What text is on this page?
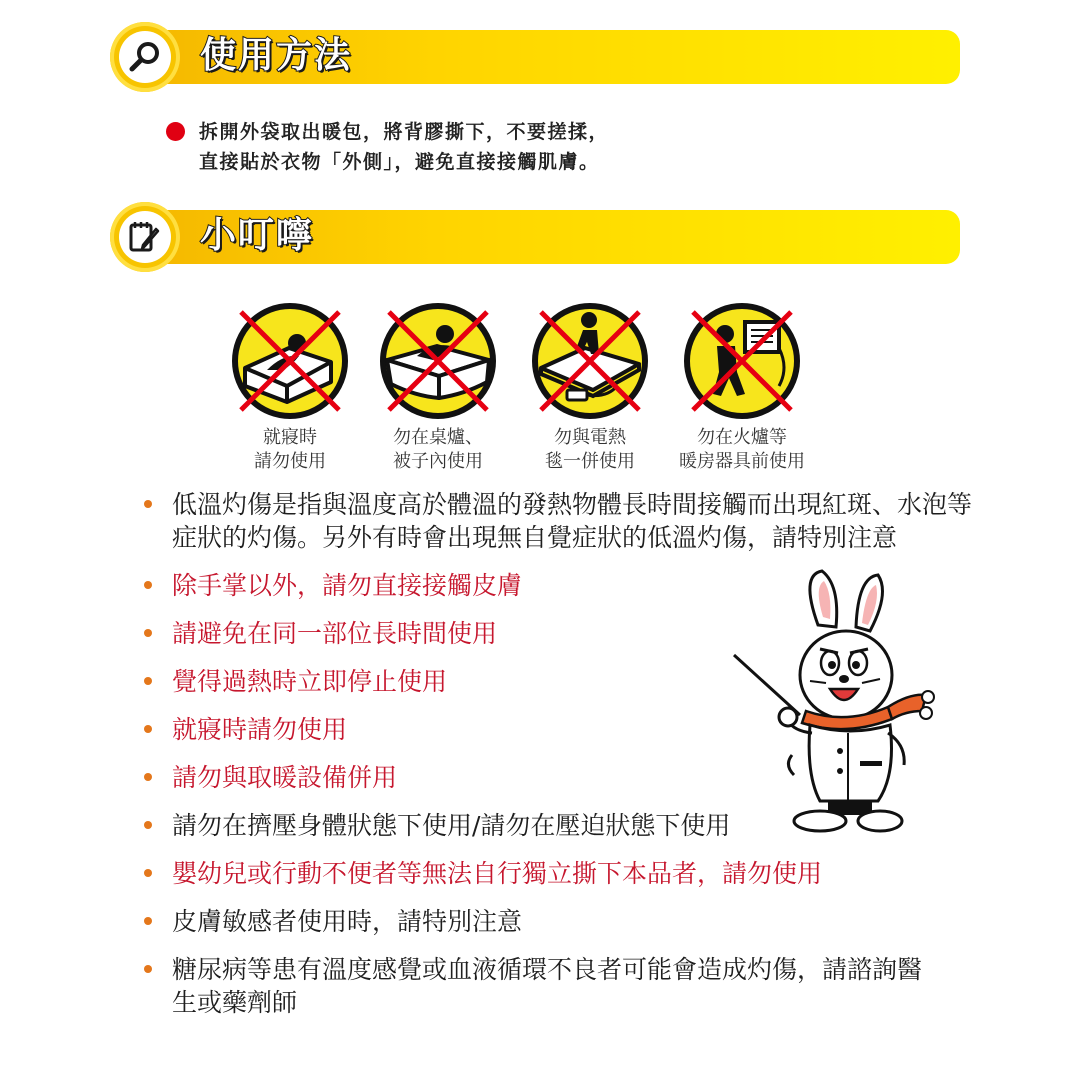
使用方法
拆開外袋取出暖包，將背膠撕下，不要搓揉，
直接貼於衣物「外側」，避免直接接觸肌膚。
小叮嚀
就寢時
請勿使用
勿在桌爐、
被子內使用
勿與電熱
毯一併使用
勿在火爐等
暖房器具前使用
低溫灼傷是指與溫度高於體溫的發熱物體長時間接觸而出現紅斑、水泡等症狀的灼傷。另外有時會出現無自覺症狀的低溫灼傷，請特別注意
除手掌以外，請勿直接接觸皮膚
請避免在同一部位長時間使用
覺得過熱時立即停止使用
就寢時請勿使用
請勿與取暖設備併用
請勿在擠壓身體狀態下使用/請勿在壓迫狀態下使用
嬰幼兒或行動不便者等無法自行獨立撕下本品者，請勿使用
皮膚敏感者使用時，請特別注意
糖尿病等患有溫度感覺或血液循環不良者可能會造成灼傷，請諮詢醫生或藥劑師
